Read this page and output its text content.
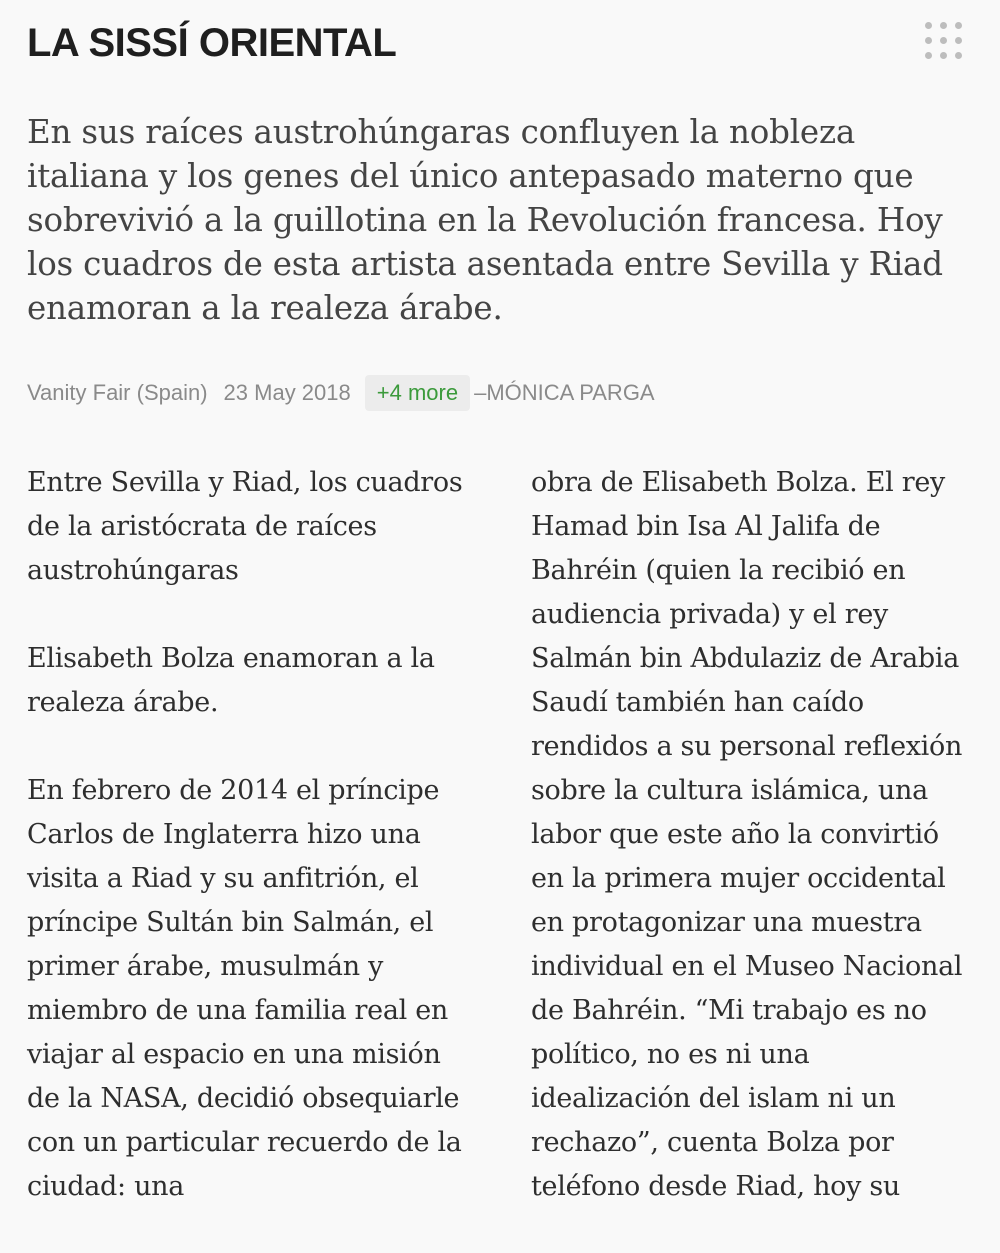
LA SISSÍ ORIENTAL

En sus raíces austrohúngaras confluyen la nobleza italiana y los genes del único antepasado materno que sobrevivió a la guillotina en la Revolución francesa. Hoy los cuadros de esta artista asentada entre Sevilla y Riad enamoran a la realeza árabe.

Vanity Fair (Spain) 23 May 2018	+4 more –MÓNICA PARGA

Entre Sevilla y Riad, los cuadros de la aristócrata de raíces austrohúngaras

Elisabeth Bolza enamoran a la realeza árabe.

En febrero de 2014 el príncipe Carlos de Inglaterra hizo una visita a Riad y su anfitrión, el príncipe Sultán bin Salmán, el primer árabe, musulmán y miembro de una familia real en viajar al espacio en una misión de la NASA, decidió obsequiarle con un particular recuerdo de la ciudad: una

obra de Elisabeth Bolza. El rey Hamad bin Isa Al Jalifa de Bahréin (quien la recibió en audiencia privada) y el rey Salmán bin Abdulaziz de Arabia Saudí también han caído rendidos a su personal reflexión sobre la cultura islámica, una labor que este año la convirtió en la primera mujer occidental en protagonizar una muestra individual en el Museo Nacional de Bahréin. “Mi trabajo es no político, no es ni una idealización del islam ni un rechazo”, cuenta Bolza por teléfono desde Riad, hoy su
